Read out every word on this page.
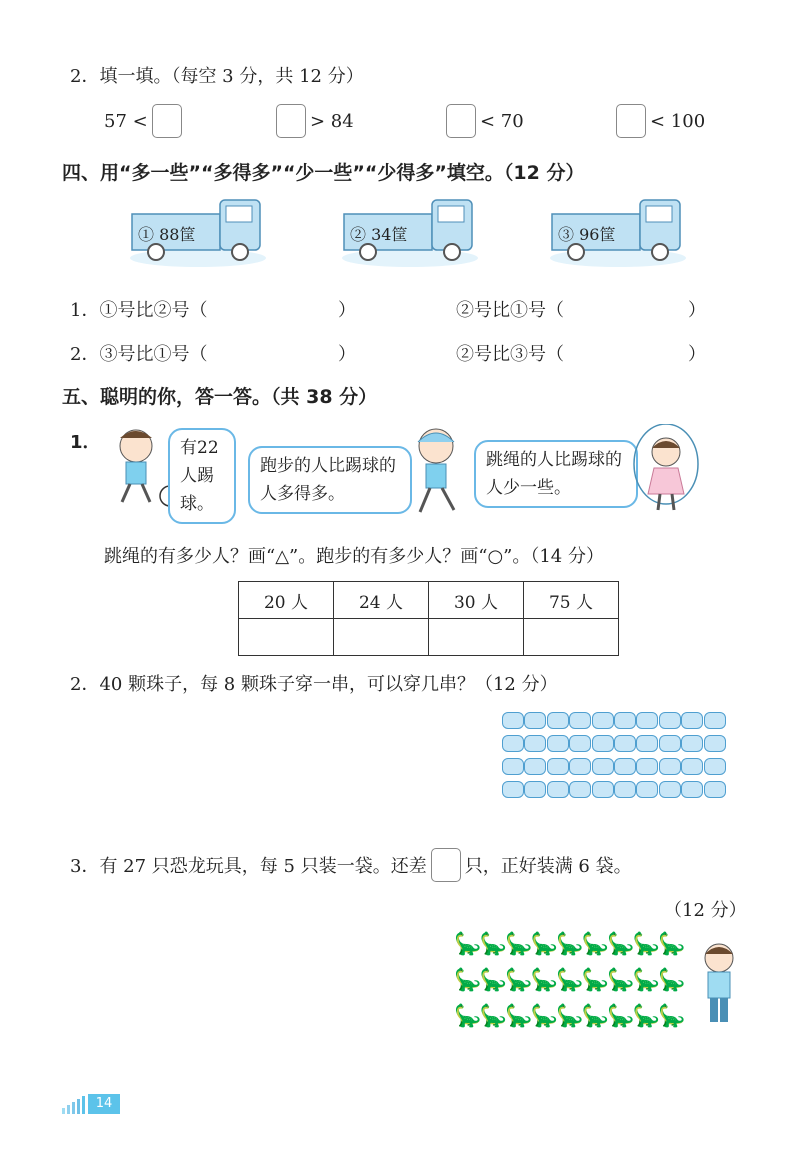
2．填一填。（每空 3 分，共 12 分）
57 <	> 84	< 70	< 100
四、用“多一些”“多得多”“少一些”“少得多”填空。（12 分）
① 88筐	② 34筐	③ 96筐
1．①号比②号（	）	②号比①号（	）
2．③号比①号（	）	②号比③号（	）
五、聪明的你，答一答。（共 38 分）
1．	有22人踢球。
跑步的人比踢球的人多得多。
跳绳的人比踢球的人少一些。
跳绳的有多少人？画“△”。跑步的有多少人？画“○”。（14 分）
20 人	24 人	30 人	75 人

2．40 颗珠子，每 8 颗珠子穿一串，可以穿几串？（12 分）
3．有 27 只恐龙玩具，每 5 只装一袋。还差 只，正好装满 6 袋。
（12 分）
🦕
🦕
🦕
🦕
🦕
🦕
🦕
🦕
🦕
🦕
🦕
🦕
🦕
🦕
🦕
🦕
🦕
🦕
🦕
🦕
🦕
🦕
🦕
🦕
🦕
🦕
🦕
14
